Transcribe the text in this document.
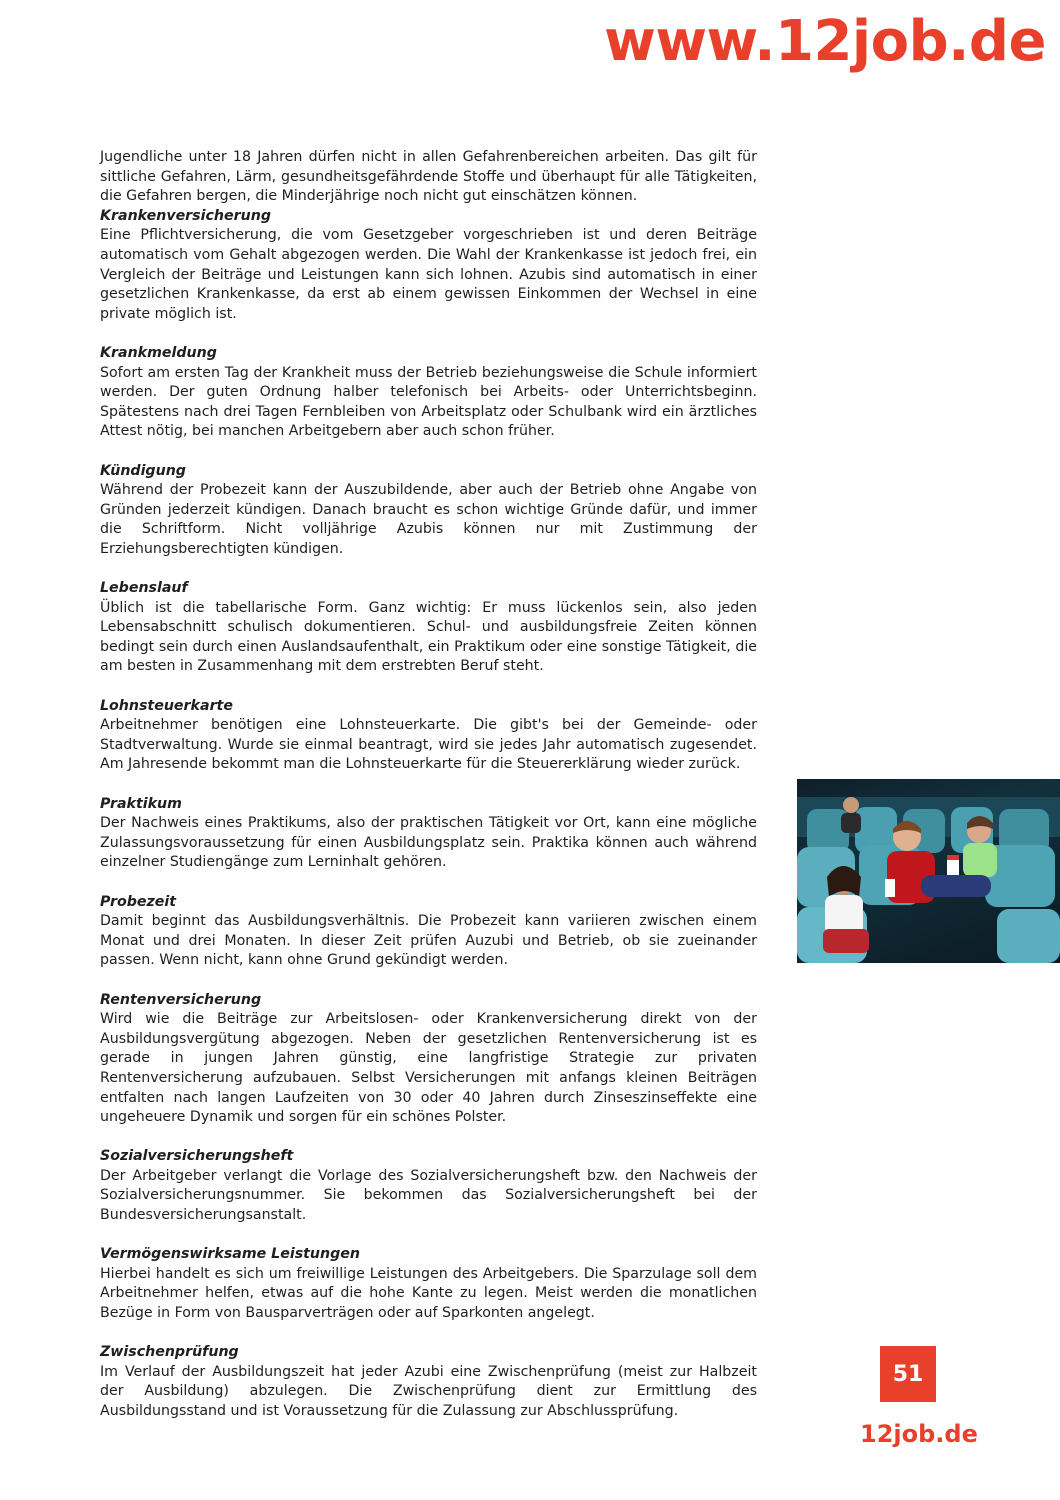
www.12job.de

Jugendliche unter 18 Jahren dürfen nicht in allen Gefahrenbereichen arbeiten. Das gilt für sittliche Gefahren, Lärm, gesundheitsgefährdende Stoffe und überhaupt für alle Tätigkeiten, die Gefahren bergen, die Minderjährige noch nicht gut einschätzen können.

Krankenversicherung

Eine Pflichtversicherung, die vom Gesetzgeber vorgeschrieben ist und deren Beiträge automatisch vom Gehalt abgezogen werden. Die Wahl der Krankenkasse ist jedoch frei, ein Vergleich der Beiträge und Leistungen kann sich lohnen. Azubis sind automatisch in einer gesetzlichen Krankenkasse, da erst ab einem gewissen Einkommen der Wechsel in eine private möglich ist.

Krankmeldung

Sofort am ersten Tag der Krankheit muss der Betrieb beziehungsweise die Schule informiert werden. Der guten Ordnung halber telefonisch bei Arbeits- oder Unterrichtsbeginn. Spätestens nach drei Tagen Fernbleiben von Arbeitsplatz oder Schulbank wird ein ärztliches Attest nötig, bei manchen Arbeitgebern aber auch schon früher.

Kündigung

Während der Probezeit kann der Auszubildende, aber auch der Betrieb ohne Angabe von Gründen jederzeit kündigen. Danach braucht es schon wichtige Gründe dafür, und immer die Schriftform. Nicht volljährige Azubis können nur mit Zustimmung der Erziehungsberechtigten kündigen.

Lebenslauf

Üblich ist die tabellarische Form. Ganz wichtig: Er muss lückenlos sein, also jeden Lebensabschnitt schulisch dokumentieren. Schul- und ausbildungsfreie Zeiten können bedingt sein durch einen Auslandsaufenthalt, ein Praktikum oder eine sonstige Tätigkeit, die am besten in Zusammenhang mit dem erstrebten Beruf steht.

Lohnsteuerkarte

Arbeitnehmer benötigen eine Lohnsteuerkarte. Die gibt's bei der Gemeinde- oder Stadtverwaltung. Wurde sie einmal beantragt, wird sie jedes Jahr automatisch zugesendet. Am Jahresende bekommt man die Lohnsteuerkarte für die Steuererklärung wieder zurück.

Praktikum

Der Nachweis eines Praktikums, also der praktischen Tätigkeit vor Ort, kann eine mögliche Zulassungsvoraussetzung für einen Ausbildungsplatz sein. Praktika können auch während einzelner Studiengänge zum Lerninhalt gehören.

Probezeit

Damit beginnt das Ausbildungsverhältnis. Die Probezeit kann variieren zwischen einem Monat und drei Monaten. In dieser Zeit prüfen Auzubi und Betrieb, ob sie zueinander passen. Wenn nicht, kann ohne Grund gekündigt werden.

Rentenversicherung

Wird wie die Beiträge zur Arbeitslosen- oder Krankenversicherung direkt von der Ausbildungsvergütung abgezogen. Neben der gesetzlichen Rentenversicherung ist es gerade in jungen Jahren günstig, eine langfristige Strategie zur privaten Rentenversicherung aufzubauen. Selbst Versicherungen mit anfangs kleinen Beiträgen entfalten nach langen Laufzeiten von 30 oder 40 Jahren durch Zinseszinseffekte eine ungeheuere Dynamik und sorgen für ein schönes Polster.

Sozialversicherungsheft

Der Arbeitgeber verlangt die Vorlage des Sozialversicherungsheft bzw. den Nachweis der Sozialversicherungsnummer. Sie bekommen das Sozialversicherungsheft bei der Bundesversicherungsanstalt.

Vermögenswirksame Leistungen

Hierbei handelt es sich um freiwillige Leistungen des Arbeitgebers. Die Sparzulage soll dem Arbeitnehmer helfen, etwas auf die hohe Kante zu legen. Meist werden die monatlichen Bezüge in Form von Bausparverträgen oder auf Sparkonten angelegt.

Zwischenprüfung

Im Verlauf der Ausbildungszeit hat jeder Azubi eine Zwischenprüfung (meist zur Halbzeit der Ausbildung) abzulegen. Die Zwischenprüfung dient zur Ermittlung des Ausbildungsstand und ist Voraussetzung für die Zulassung zur Abschlussprüfung.

51
12job.de
